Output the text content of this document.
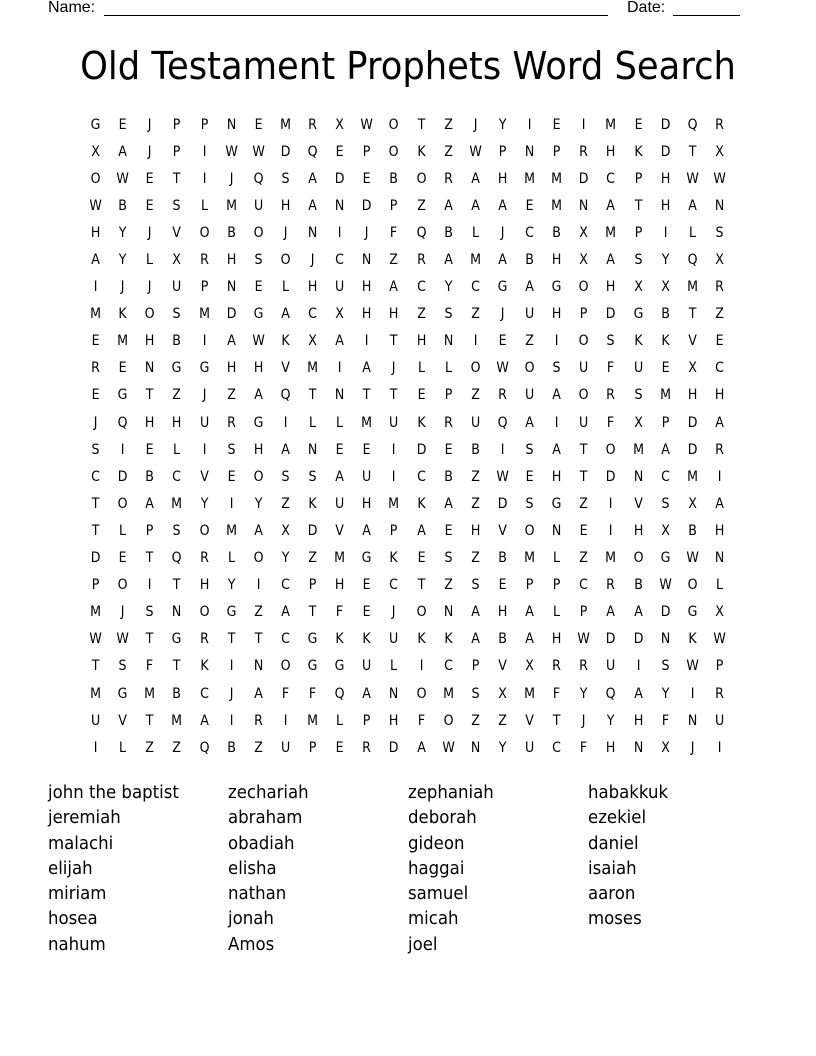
Name:	Date:
Old Testament Prophets Word Search
G	E	J	P	P	N	E	M	R	X	W	O	T	Z	J	Y	I	E	I	M	E	D	Q	R
X	A	J	P	I	W	W	D	Q	E	P	O	K	Z	W	P	N	P	R	H	K	D	T	X
O	W	E	T	I	J	Q	S	A	D	E	B	O	R	A	H	M	M	D	C	P	H	W	W
W	B	E	S	L	M	U	H	A	N	D	P	Z	A	A	A	E	M	N	A	T	H	A	N
H	Y	J	V	O	B	O	J	N	I	J	F	Q	B	L	J	C	B	X	M	P	I	L	S
A	Y	L	X	R	H	S	O	J	C	N	Z	R	A	M	A	B	H	X	A	S	Y	Q	X
I	J	J	U	P	N	E	L	H	U	H	A	C	Y	C	G	A	G	O	H	X	X	M	R
M	K	O	S	M	D	G	A	C	X	H	H	Z	S	Z	J	U	H	P	D	G	B	T	Z
E	M	H	B	I	A	W	K	X	A	I	T	H	N	I	E	Z	I	O	S	K	K	V	E
R	E	N	G	G	H	H	V	M	I	A	J	L	L	O	W	O	S	U	F	U	E	X	C
E	G	T	Z	J	Z	A	Q	T	N	T	T	E	P	Z	R	U	A	O	R	S	M	H	H
J	Q	H	H	U	R	G	I	L	L	M	U	K	R	U	Q	A	I	U	F	X	P	D	A
S	I	E	L	I	S	H	A	N	E	E	I	D	E	B	I	S	A	T	O	M	A	D	R
C	D	B	C	V	E	O	S	S	A	U	I	C	B	Z	W	E	H	T	D	N	C	M	I
T	O	A	M	Y	I	Y	Z	K	U	H	M	K	A	Z	D	S	G	Z	I	V	S	X	A
T	L	P	S	O	M	A	X	D	V	A	P	A	E	H	V	O	N	E	I	H	X	B	H
D	E	T	Q	R	L	O	Y	Z	M	G	K	E	S	Z	B	M	L	Z	M	O	G	W	N
P	O	I	T	H	Y	I	C	P	H	E	C	T	Z	S	E	P	P	C	R	B	W	O	L
M	J	S	N	O	G	Z	A	T	F	E	J	O	N	A	H	A	L	P	A	A	D	G	X
W	W	T	G	R	T	T	C	G	K	K	U	K	K	A	B	A	H	W	D	D	N	K	W
T	S	F	T	K	I	N	O	G	G	U	L	I	C	P	V	X	R	R	U	I	S	W	P
M	G	M	B	C	J	A	F	F	Q	A	N	O	M	S	X	M	F	Y	Q	A	Y	I	R
U	V	T	M	A	I	R	I	M	L	P	H	F	O	Z	Z	V	T	J	Y	H	F	N	U
I	L	Z	Z	Q	B	Z	U	P	E	R	D	A	W	N	Y	U	C	F	H	N	X	J	I
john the baptist
jeremiah
malachi
elijah
miriam
hosea
nahum
zechariah
abraham
obadiah
elisha
nathan
jonah
Amos
zephaniah
deborah
gideon
haggai
samuel
micah
joel
habakkuk
ezekiel
daniel
isaiah
aaron
moses
